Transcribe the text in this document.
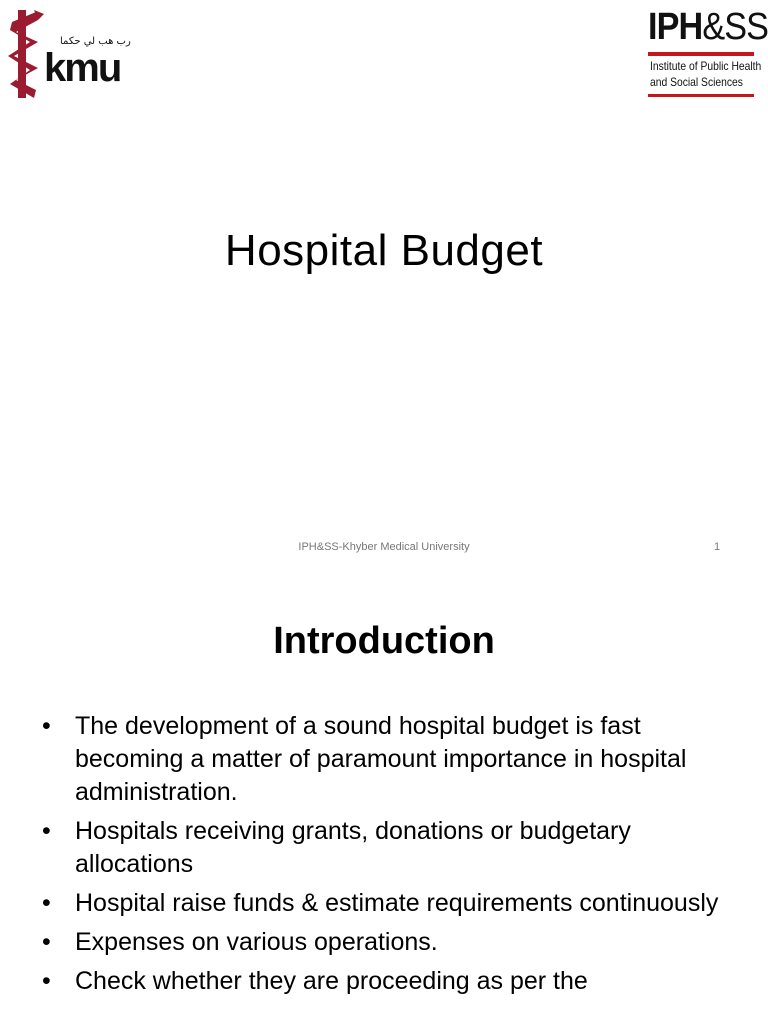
رب هب لي حكما
kmu
IPH&SS
Institute of Public Health
and Social Sciences
Hospital Budget
IPH&SS-Khyber Medical University	1
Introduction
• The development of a sound hospital budget is fast becoming a matter of paramount importance in hospital administration.
• Hospitals receiving grants, donations or budgetary allocations
• Hospital raise funds & estimate requirements continuously
• Expenses on various operations.
• Check whether they are proceeding as per the
